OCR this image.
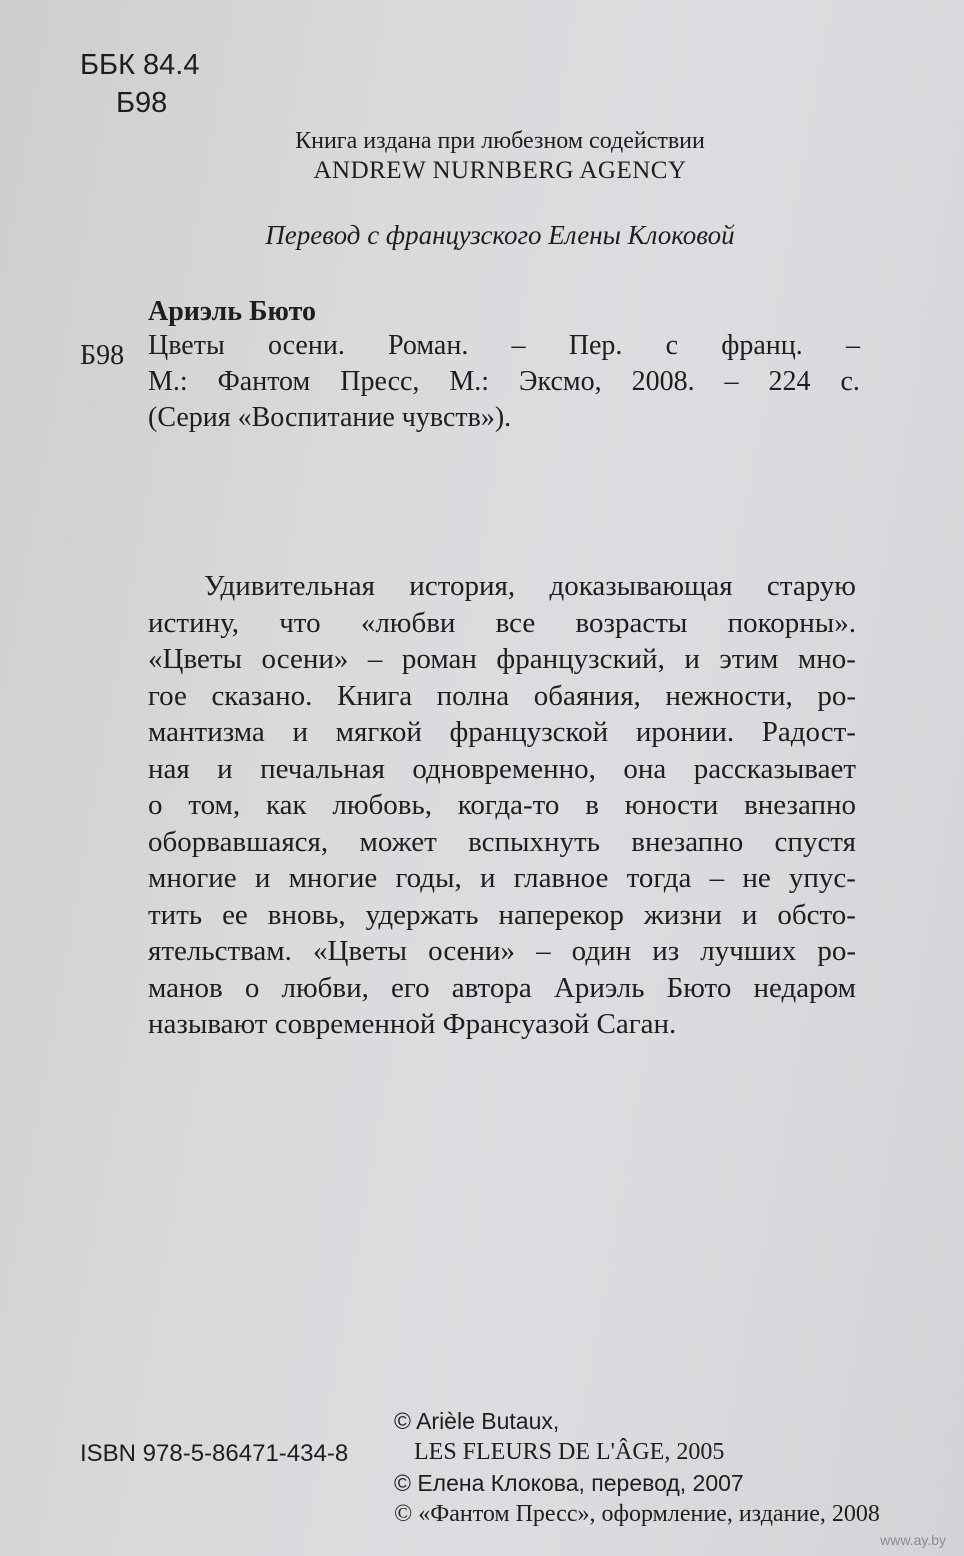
ББК 84.4
Б98
Книга издана при любезном содействии
ANDREW NURNBERG AGENCY
Перевод с французского Елены Клоковой
Ариэль Бюто
Б98 Цветы осени. Роман. – Пер. с франц. –
М.: Фантом Пресс, М.: Эксмо, 2008. – 224 с.
(Серия «Воспитание чувств»).
Удивительная история, доказывающая старую
истину, что «любви все возрасты покорны».
«Цветы осени» – роман французский, и этим мно-
гое сказано. Книга полна обаяния, нежности, ро-
мантизма и мягкой французской иронии. Радост-
ная и печальная одновременно, она рассказывает
о том, как любовь, когда-то в юности внезапно
оборвавшаяся, может вспыхнуть внезапно спустя
многие и многие годы, и главное тогда – не упус-
тить ее вновь, удержать наперекор жизни и обсто-
ятельствам. «Цветы осени» – один из лучших ро-
манов о любви, его автора Ариэль Бюто недаром
называют современной Франсуазой Саган.
ISBN 978-5-86471-434-8
© Arièle Butaux,
LES FLEURS DE L'ÂGE, 2005
© Елена Клокова, перевод, 2007
© «Фантом Пресс», оформление, издание, 2008
www.ay.by
